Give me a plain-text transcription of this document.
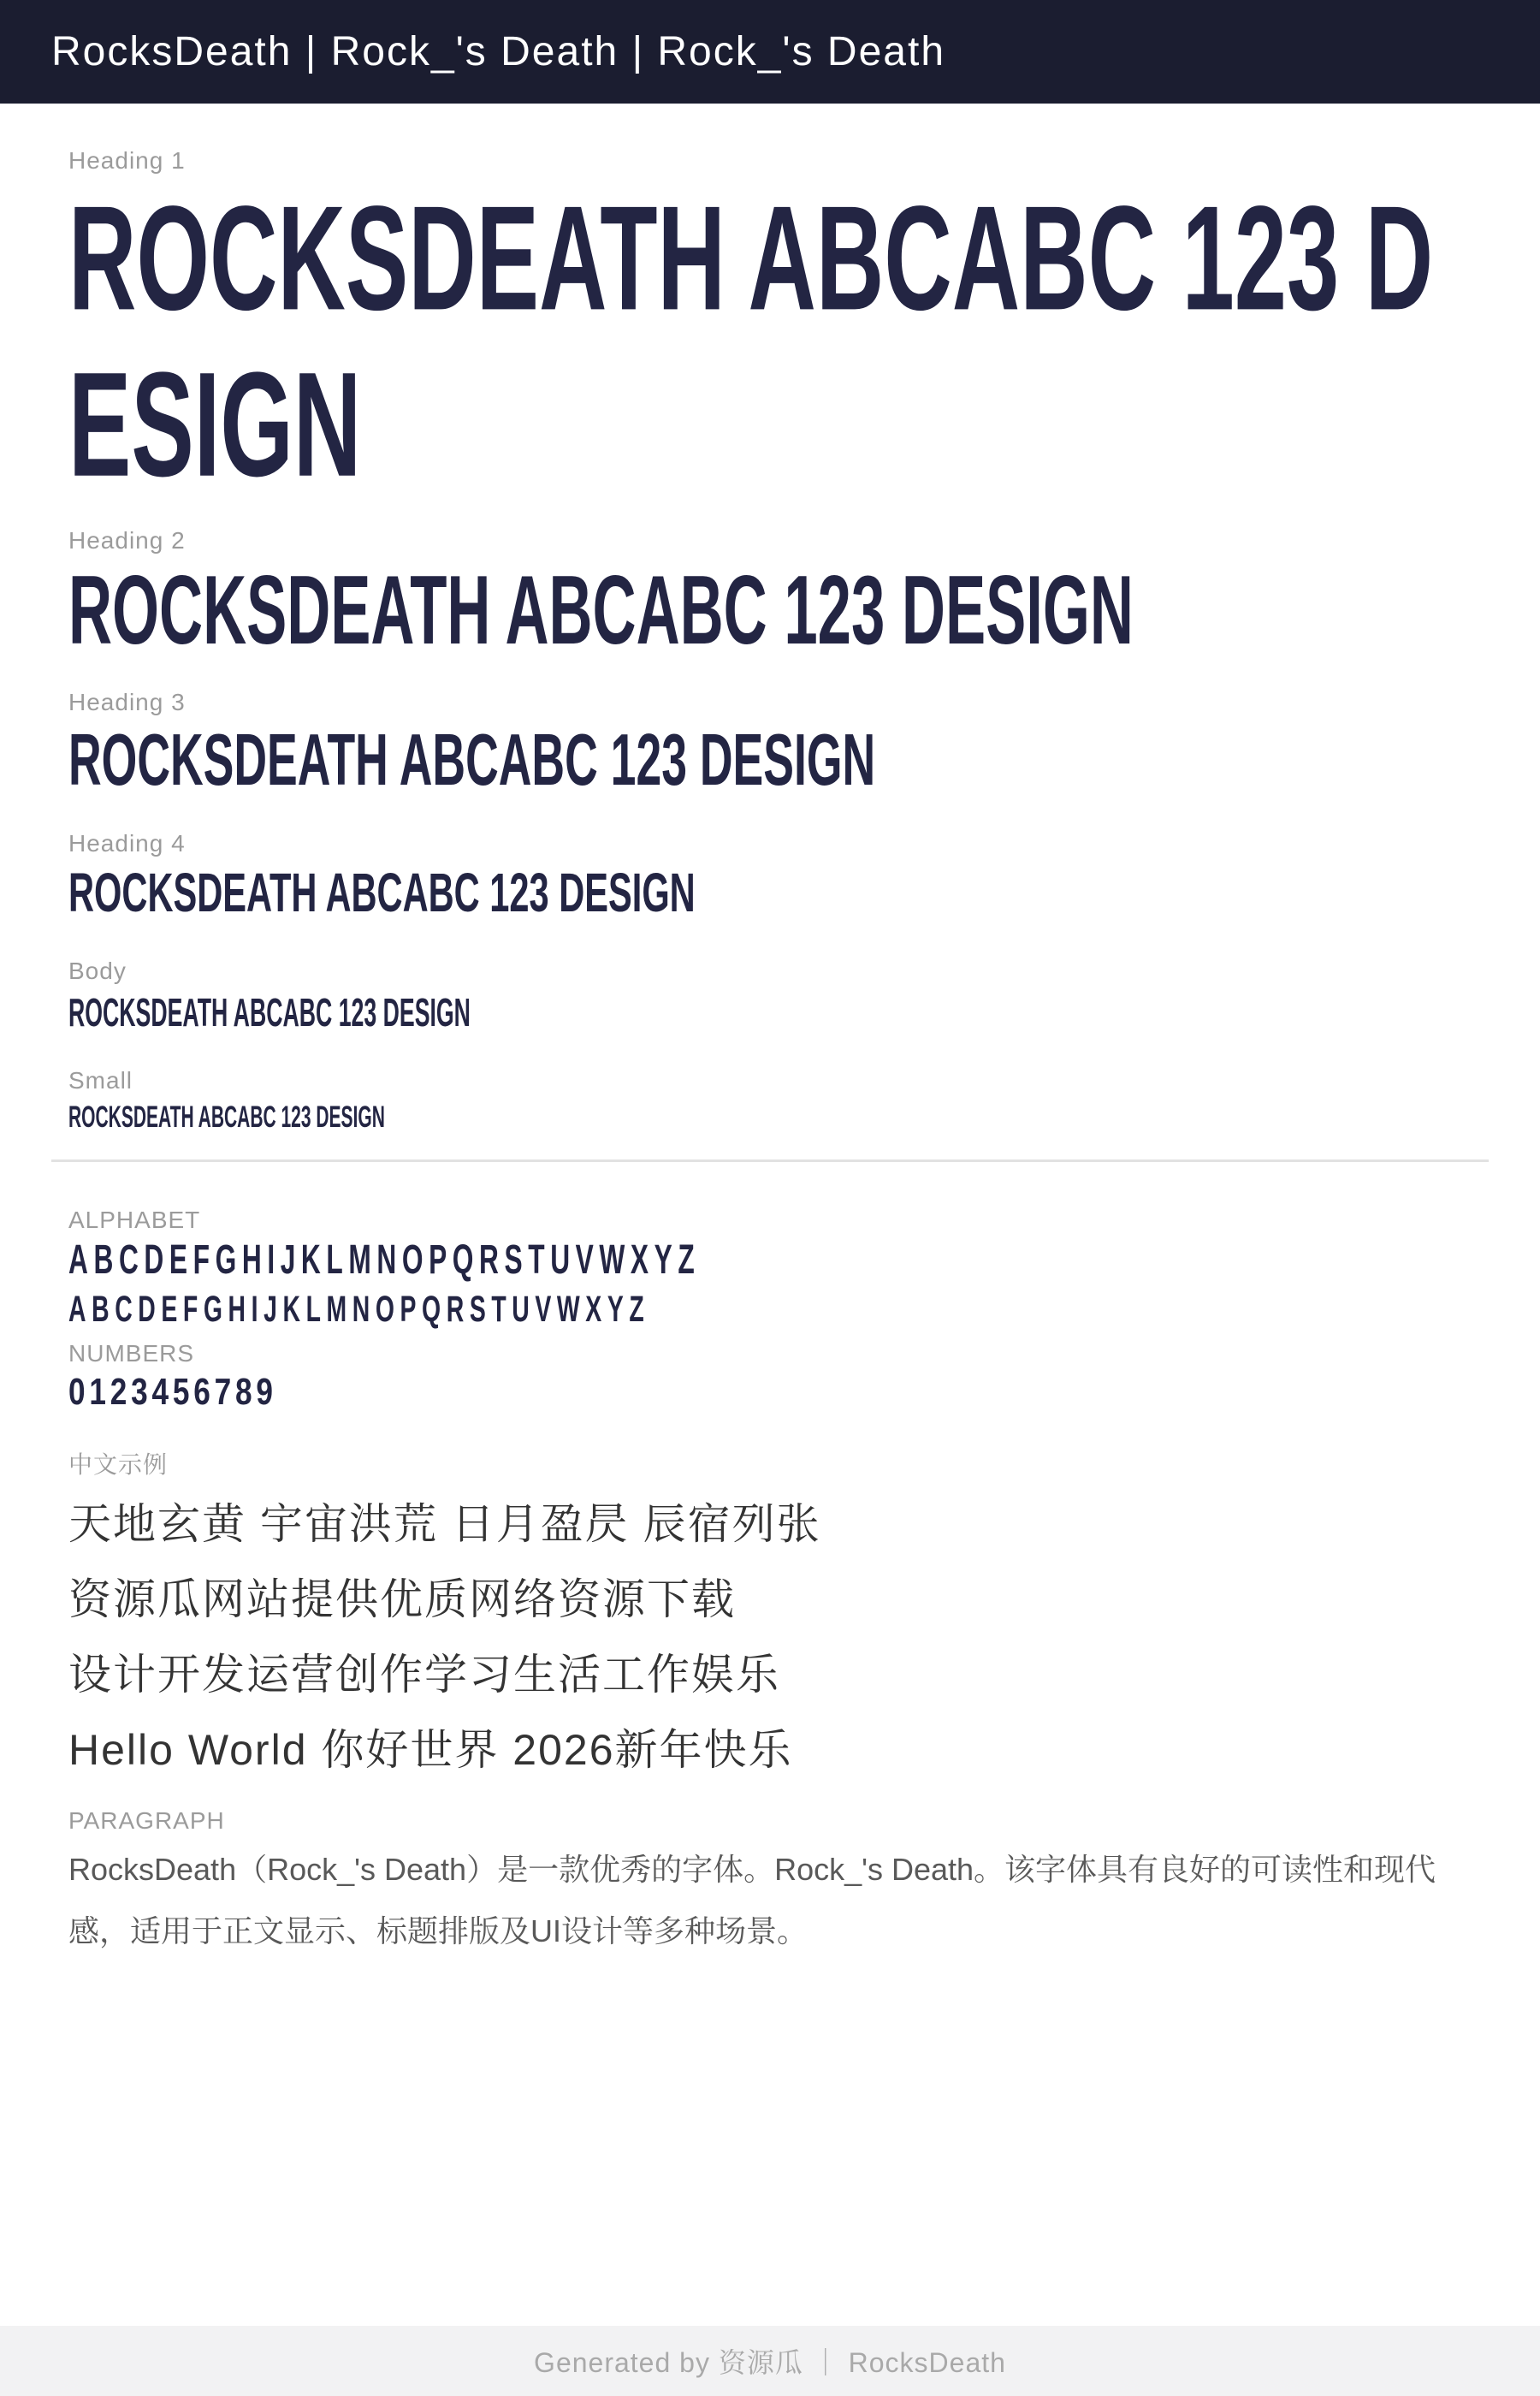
RocksDeath | Rock_'s Death | Rock_'s Death
Heading 1
ROCKSDEATH ABCABC 123 DESIGN
Heading 2
ROCKSDEATH ABCABC 123 DESIGN
Heading 3
ROCKSDEATH ABCABC 123 DESIGN
Heading 4
ROCKSDEATH ABCABC 123 DESIGN
Body
ROCKSDEATH ABCABC 123 DESIGN
Small
ROCKSDEATH ABCABC 123 DESIGN
ALPHABET
ABCDEFGHIJKLMNOPQRSTUVWXYZ
ABCDEFGHIJKLMNOPQRSTUVWXYZ
NUMBERS
0123456789
中文示例
天地玄黄 宇宙洪荒 日月盈昃 辰宿列张
资源瓜网站提供优质网络资源下载
设计开发运营创作学习生活工作娱乐
Hello World 你好世界 2026新年快乐
PARAGRAPH
RocksDeath（Rock_'s Death）是一款优秀的字体。Rock_'s Death。该字体具有良好的可读性和现代感，适用于正文显示、标题排版及UI设计等多种场景。
Generated by 资源瓜 ｜ RocksDeath
